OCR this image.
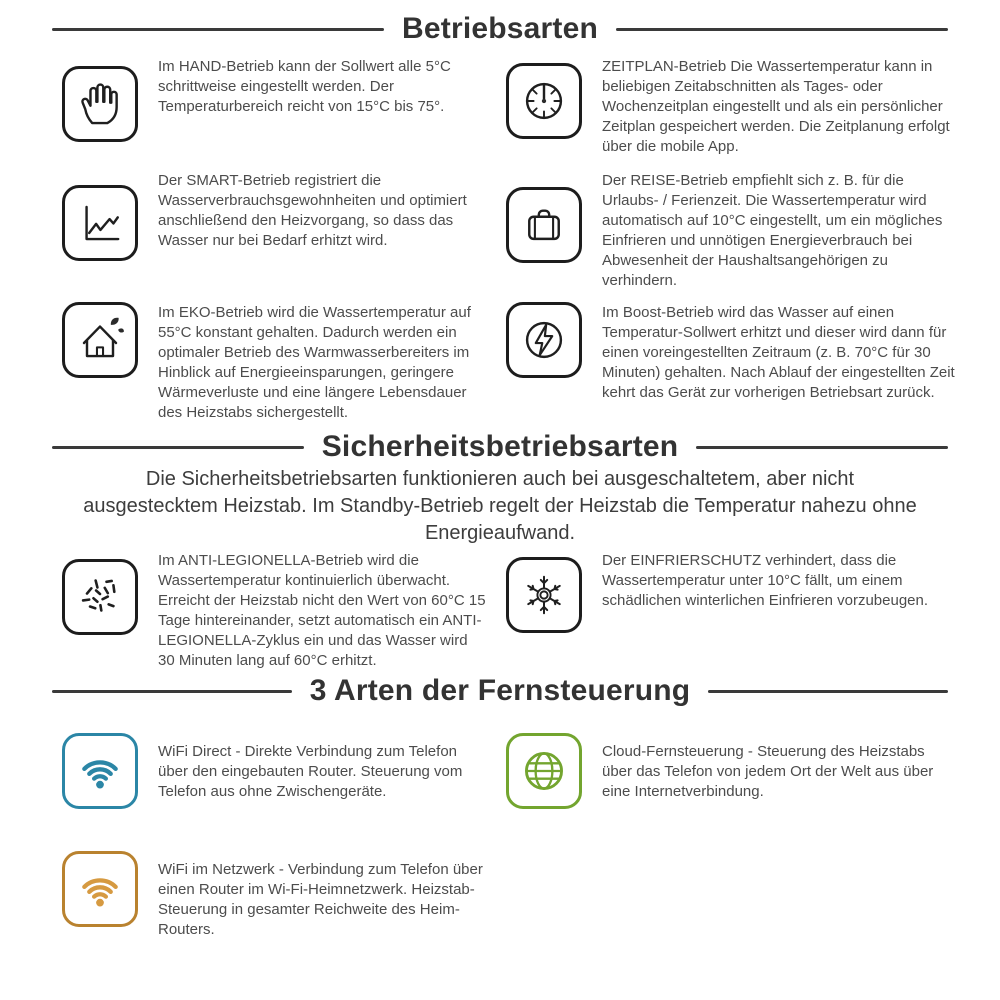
Betriebsarten

Im HAND-Betrieb kann der Sollwert alle 5°C schrittweise eingestellt werden. Der Temperaturbereich reicht von 15°C bis 75°.

ZEITPLAN-Betrieb Die Wassertemperatur kann in beliebigen Zeitabschnitten als Tages- oder Wochenzeitplan eingestellt und als ein persönlicher Zeitplan gespeichert werden. Die Zeitplanung erfolgt über die mobile App.

Der SMART-Betrieb registriert die Wasserverbrauchsgewohnheiten und optimiert anschließend den Heizvorgang, so dass das Wasser nur bei Bedarf erhitzt wird.

Der REISE-Betrieb empfiehlt sich z. B. für die Urlaubs- / Ferienzeit. Die Wassertemperatur wird automatisch auf 10°C eingestellt, um ein mögliches Einfrieren und unnötigen Energieverbrauch bei Abwesenheit der Haushaltsangehörigen zu verhindern.

Im EKO-Betrieb wird die Wassertemperatur auf 55°C konstant gehalten. Dadurch werden ein optimaler Betrieb des Warmwasserbereiters im Hinblick auf Energieeinsparungen, geringere Wärmeverluste und eine längere Lebensdauer des Heizstabs sichergestellt.

Im Boost-Betrieb wird das Wasser auf einen Temperatur-Sollwert erhitzt und dieser wird dann für einen voreingestellten Zeitraum (z. B. 70°C für 30 Minuten) gehalten. Nach Ablauf der eingestellten Zeit kehrt das Gerät zur vorherigen Betriebsart zurück.

Sicherheitsbetriebsarten
Die Sicherheitsbetriebsarten funktionieren auch bei ausgeschaltetem, aber nicht ausgestecktem Heizstab. Im Standby-Betrieb regelt der Heizstab die Temperatur nahezu ohne Energieaufwand.

Im ANTI-LEGIONELLA-Betrieb wird die Wassertemperatur kontinuierlich überwacht. Erreicht der Heizstab nicht den Wert von 60°C 15 Tage hintereinander, setzt automatisch ein ANTI-LEGIONELLA-Zyklus ein und das Wasser wird 30 Minuten lang auf 60°C erhitzt.

Der EINFRIERSCHUTZ verhindert, dass die Wassertemperatur unter 10°C fällt, um einem schädlichen winterlichen Einfrieren vorzubeugen.

3 Arten der Fernsteuerung

WiFi Direct - Direkte Verbindung zum Telefon über den eingebauten Router. Steuerung vom Telefon aus ohne Zwischengeräte.

Cloud-Fernsteuerung - Steuerung des Heizstabs über das Telefon von jedem Ort der Welt aus über eine Internetverbindung.

WiFi im Netzwerk - Verbindung zum Telefon über einen Router im Wi-Fi-Heimnetzwerk. Heizstab-Steuerung in gesamter Reichweite des Heim-Routers.
